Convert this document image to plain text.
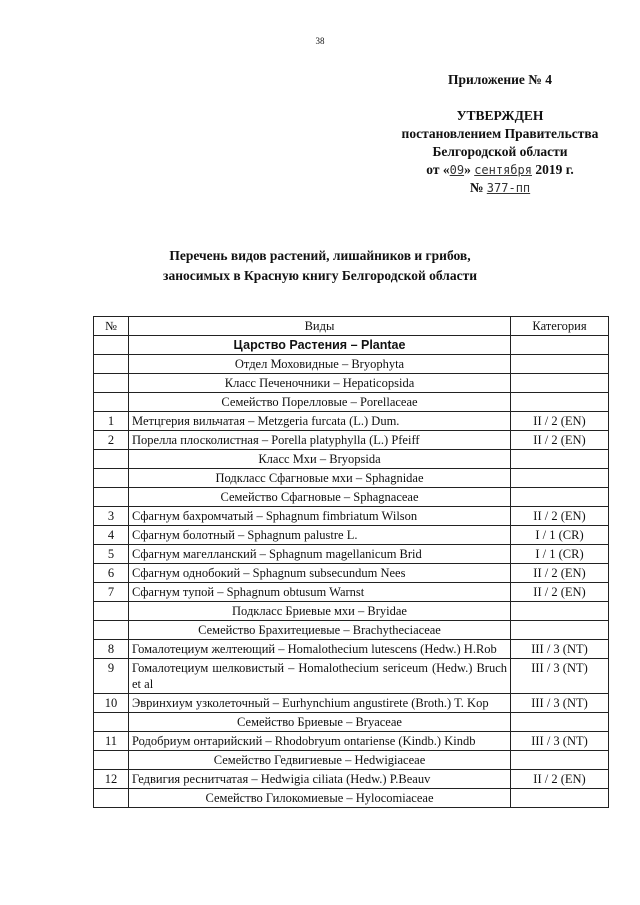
38
Приложение № 4
УТВЕРЖДЕН
постановлением Правительства
Белгородской области
от «09» сентября 2019 г.
№ 377-пп
Перечень видов растений, лишайников и грибов,
заносимых в Красную книгу Белгородской области
№	Виды	Категория
	Царство Растения – Plantae	
	Отдел Моховидные – Bryophyta	
	Класс Печеночники – Hepaticopsida	
	Семейство Порелловые – Porellaceae	
1	Метцгерия вильчатая – Metzgeria furcata (L.) Dum.	II / 2 (EN)
2	Порелла плосколистная – Porella platyphylla (L.) Pfeiff	II / 2 (EN)
	Класс Мхи – Bryopsida	
	Подкласс Сфагновые мхи – Sphagnidae	
	Семейство Сфагновые – Sphagnaceae	
3	Сфагнум бахромчатый – Sphagnum fimbriatum Wilson	II / 2 (EN)
4	Сфагнум болотный – Sphagnum palustre L.	I / 1 (CR)
5	Сфагнум магелланский – Sphagnum magellanicum Brid	I / 1 (CR)
6	Сфагнум однобокий – Sphagnum subsecundum Nees	II / 2 (EN)
7	Сфагнум тупой – Sphagnum obtusum Warnst	II / 2 (EN)
	Подкласс Бриевые мхи – Bryidae	
	Семейство Брахитециевые – Brachytheciaceae	
8	Гомалотециум желтеющий – Homalothecium lutescens (Hedw.) H.Rob	III / 3 (NT)
9	Гомалотециум шелковистый – Homalothecium sericeum (Hedw.) Bruch et al	III / 3 (NT)
10	Эвринхиум узколеточный – Eurhynchium angustirete (Broth.) T. Kop	III / 3 (NT)
	Семейство Бриевые – Bryaceae	
11	Родобриум онтарийский – Rhodobryum ontariense (Kindb.) Kindb	III / 3 (NT)
	Семейство Гедвигиевые – Hedwigiaceae	
12	Гедвигия реснитчатая – Hedwigia ciliata (Hedw.) P.Beauv	II / 2 (EN)
	Семейство Гилокомиевые – Hylocomiaceae	
